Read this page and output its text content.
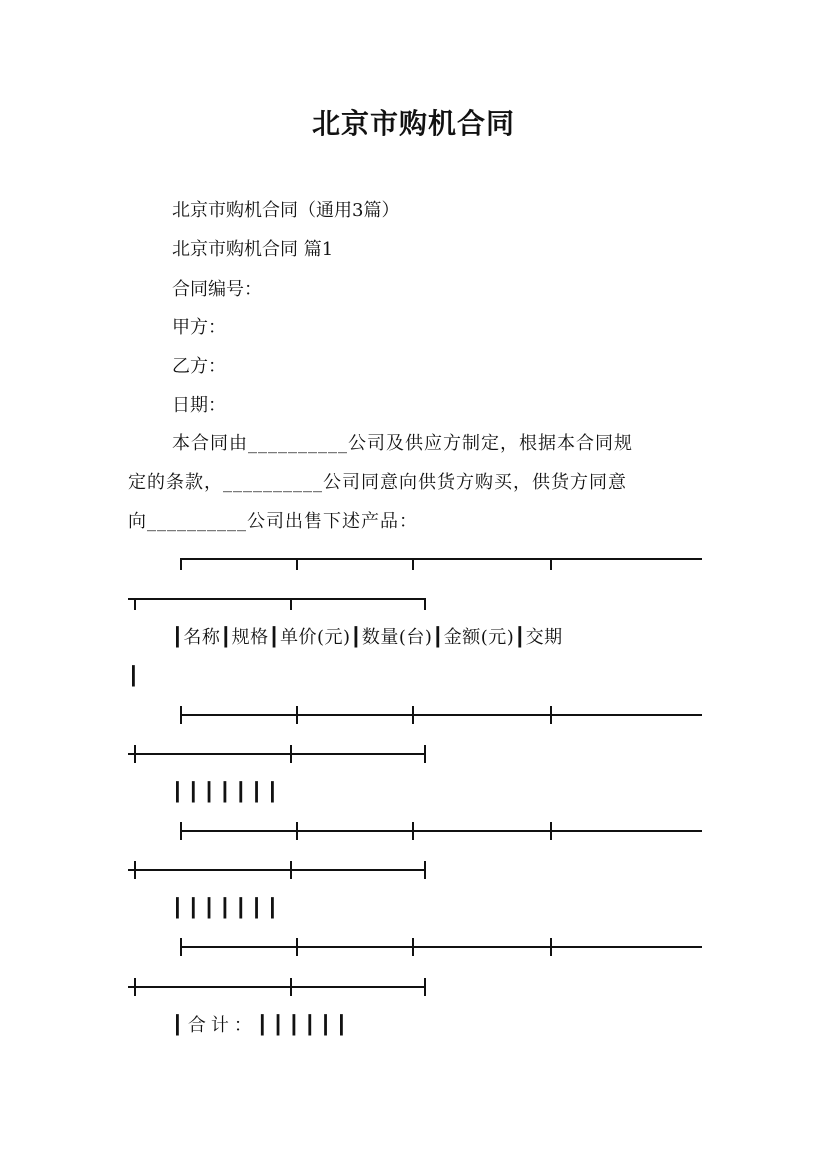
北京市购机合同
北京市购机合同（通用3篇）
北京市购机合同 篇1
合同编号：
甲方：
乙方：
日期：
本合同由__________公司及供应方制定，根据本合同规
定的条款，__________公司同意向供货方购买，供货方同意
向__________公司出售下述产品：
┃名称┃规格┃单价(元)┃数量(台)┃金额(元)┃交期
┃
┃┃┃┃┃┃┃
┃┃┃┃┃┃┃
┃合计：┃┃┃┃┃┃
